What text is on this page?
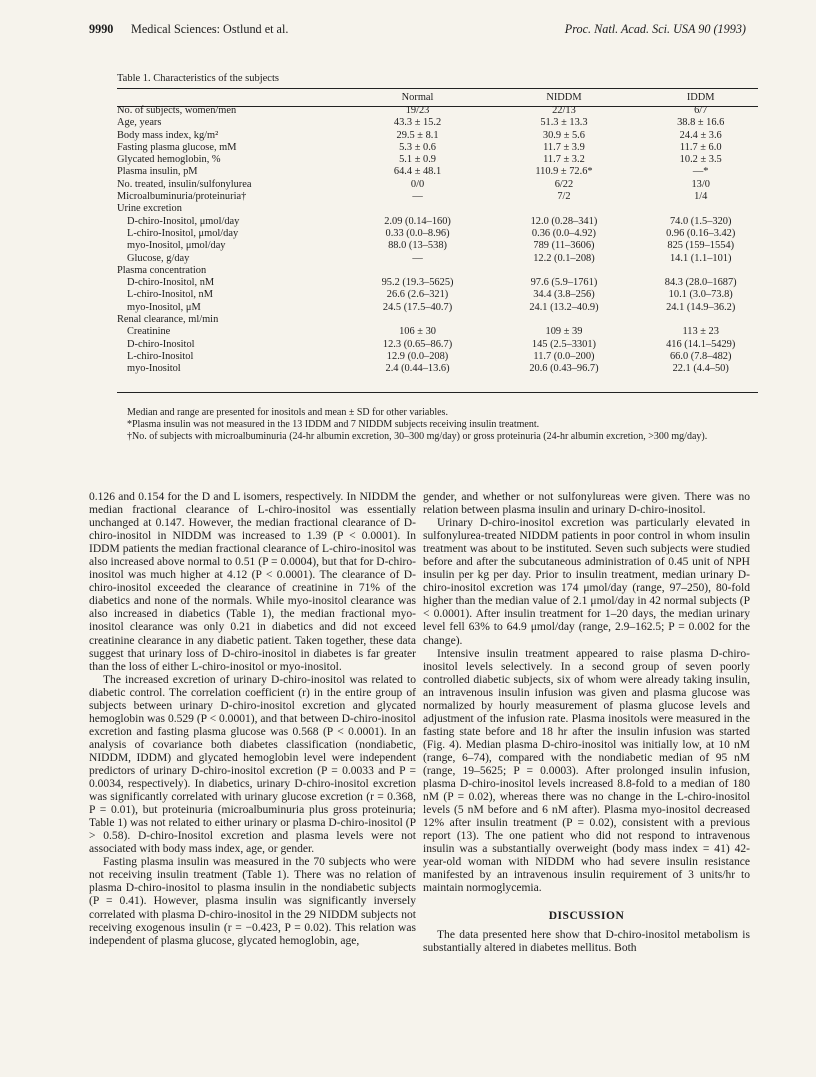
9990 Medical Sciences: Ostlund et al.	Proc. Natl. Acad. Sci. USA 90 (1993)
Table 1. Characteristics of the subjects
	Normal	NIDDM	IDDM
No. of subjects, women/men	19/23	22/13	6/7
Age, years	43.3 ± 15.2	51.3 ± 13.3	38.8 ± 16.6
Body mass index, kg/m²	29.5 ± 8.1	30.9 ± 5.6	24.4 ± 3.6
Fasting plasma glucose, mM	5.3 ± 0.6	11.7 ± 3.9	11.7 ± 6.0
Glycated hemoglobin, %	5.1 ± 0.9	11.7 ± 3.2	10.2 ± 3.5
Plasma insulin, pM	64.4 ± 48.1	110.9 ± 72.6*	—*
No. treated, insulin/sulfonylurea	0/0	6/22	13/0
Microalbuminuria/proteinuria†	—	7/2	1/4
Urine excretion			
D-chiro-Inositol, μmol/day	2.09 (0.14–160)	12.0 (0.28–341)	74.0 (1.5–320)
L-chiro-Inositol, μmol/day	0.33 (0.0–8.96)	0.36 (0.0–4.92)	0.96 (0.16–3.42)
myo-Inositol, μmol/day	88.0 (13–538)	789 (11–3606)	825 (159–1554)
Glucose, g/day	—	12.2 (0.1–208)	14.1 (1.1–101)
Plasma concentration			
D-chiro-Inositol, nM	95.2 (19.3–5625)	97.6 (5.9–1761)	84.3 (28.0–1687)
L-chiro-Inositol, nM	26.6 (2.6–321)	34.4 (3.8–256)	10.1 (3.0–73.8)
myo-Inositol, μM	24.5 (17.5–40.7)	24.1 (13.2–40.9)	24.1 (14.9–36.2)
Renal clearance, ml/min			
Creatinine	106 ± 30	109 ± 39	113 ± 23
D-chiro-Inositol	12.3 (0.65–86.7)	145 (2.5–3301)	416 (14.1–5429)
L-chiro-Inositol	12.9 (0.0–208)	11.7 (0.0–200)	66.0 (7.8–482)
myo-Inositol	2.4 (0.44–13.6)	20.6 (0.43–96.7)	22.1 (4.4–50)

Median and range are presented for inositols and mean ± SD for other variables.

*Plasma insulin was not measured in the 13 IDDM and 7 NIDDM subjects receiving insulin treatment.

†No. of subjects with microalbuminuria (24-hr albumin excretion, 30–300 mg/day) or gross proteinuria (24-hr albumin excretion, >300 mg/day).

0.126 and 0.154 for the D and L isomers, respectively. In NIDDM the median fractional clearance of L-chiro-inositol was essentially unchanged at 0.147. However, the median fractional clearance of D-chiro-inositol in NIDDM was increased to 1.39 (P < 0.0001). In IDDM patients the median fractional clearance of L-chiro-inositol was also increased above normal to 0.51 (P = 0.0004), but that for D-chiro-inositol was much higher at 4.12 (P < 0.0001). The clearance of D-chiro-inositol exceeded the clearance of creatinine in 71% of the diabetics and none of the normals. While myo-inositol clearance was also increased in diabetics (Table 1), the median fractional myo-inositol clearance was only 0.21 in diabetics and did not exceed creatinine clearance in any diabetic patient. Taken together, these data suggest that urinary loss of D-chiro-inositol in diabetes is far greater than the loss of either L-chiro-inositol or myo-inositol.

The increased excretion of urinary D-chiro-inositol was related to diabetic control. The correlation coefficient (r) in the entire group of subjects between urinary D-chiro-inositol excretion and glycated hemoglobin was 0.529 (P < 0.0001), and that between D-chiro-inositol excretion and fasting plasma glucose was 0.568 (P < 0.0001). In an analysis of covariance both diabetes classification (nondiabetic, NIDDM, IDDM) and glycated hemoglobin level were independent predictors of urinary D-chiro-inositol excretion (P = 0.0033 and P = 0.0034, respectively). In diabetics, urinary D-chiro-inositol excretion was significantly correlated with urinary glucose excretion (r = 0.368, P = 0.01), but proteinuria (microalbuminuria plus gross proteinuria; Table 1) was not related to either urinary or plasma D-chiro-inositol (P > 0.58). D-chiro-Inositol excretion and plasma levels were not associated with body mass index, age, or gender.

Fasting plasma insulin was measured in the 70 subjects who were not receiving insulin treatment (Table 1). There was no relation of plasma D-chiro-inositol to plasma insulin in the nondiabetic subjects (P = 0.41). However, plasma insulin was significantly inversely correlated with plasma D-chiro-inositol in the 29 NIDDM subjects not receiving exogenous insulin (r = −0.423, P = 0.02). This relation was independent of plasma glucose, glycated hemoglobin, age,

gender, and whether or not sulfonylureas were given. There was no relation between plasma insulin and urinary D-chiro-inositol.

Urinary D-chiro-inositol excretion was particularly elevated in sulfonylurea-treated NIDDM patients in poor control in whom insulin treatment was about to be instituted. Seven such subjects were studied before and after the subcutaneous administration of 0.45 unit of NPH insulin per kg per day. Prior to insulin treatment, median urinary D-chiro-inositol excretion was 174 μmol/day (range, 97–250), 80-fold higher than the median value of 2.1 μmol/day in 42 normal subjects (P < 0.0001). After insulin treatment for 1–20 days, the median urinary level fell 63% to 64.9 μmol/day (range, 2.9–162.5; P = 0.002 for the change).

Intensive insulin treatment appeared to raise plasma D-chiro-inositol levels selectively. In a second group of seven poorly controlled diabetic subjects, six of whom were already taking insulin, an intravenous insulin infusion was given and plasma glucose was normalized by hourly measurement of plasma glucose levels and adjustment of the infusion rate. Plasma inositols were measured in the fasting state before and 18 hr after the insulin infusion was started (Fig. 4). Median plasma D-chiro-inositol was initially low, at 10 nM (range, 6–74), compared with the nondiabetic median of 95 nM (range, 19–5625; P = 0.0003). After prolonged insulin infusion, plasma D-chiro-inositol levels increased 8.8-fold to a median of 180 nM (P = 0.02), whereas there was no change in the L-chiro-inositol levels (5 nM before and 6 nM after). Plasma myo-inositol decreased 12% after insulin treatment (P = 0.02), consistent with a previous report (13). The one patient who did not respond to intravenous insulin was a substantially overweight (body mass index = 41) 42-year-old woman with NIDDM who had severe insulin resistance manifested by an intravenous insulin requirement of 3 units/hr to maintain normoglycemia.

DISCUSSION

The data presented here show that D-chiro-inositol metabolism is substantially altered in diabetes mellitus. Both
